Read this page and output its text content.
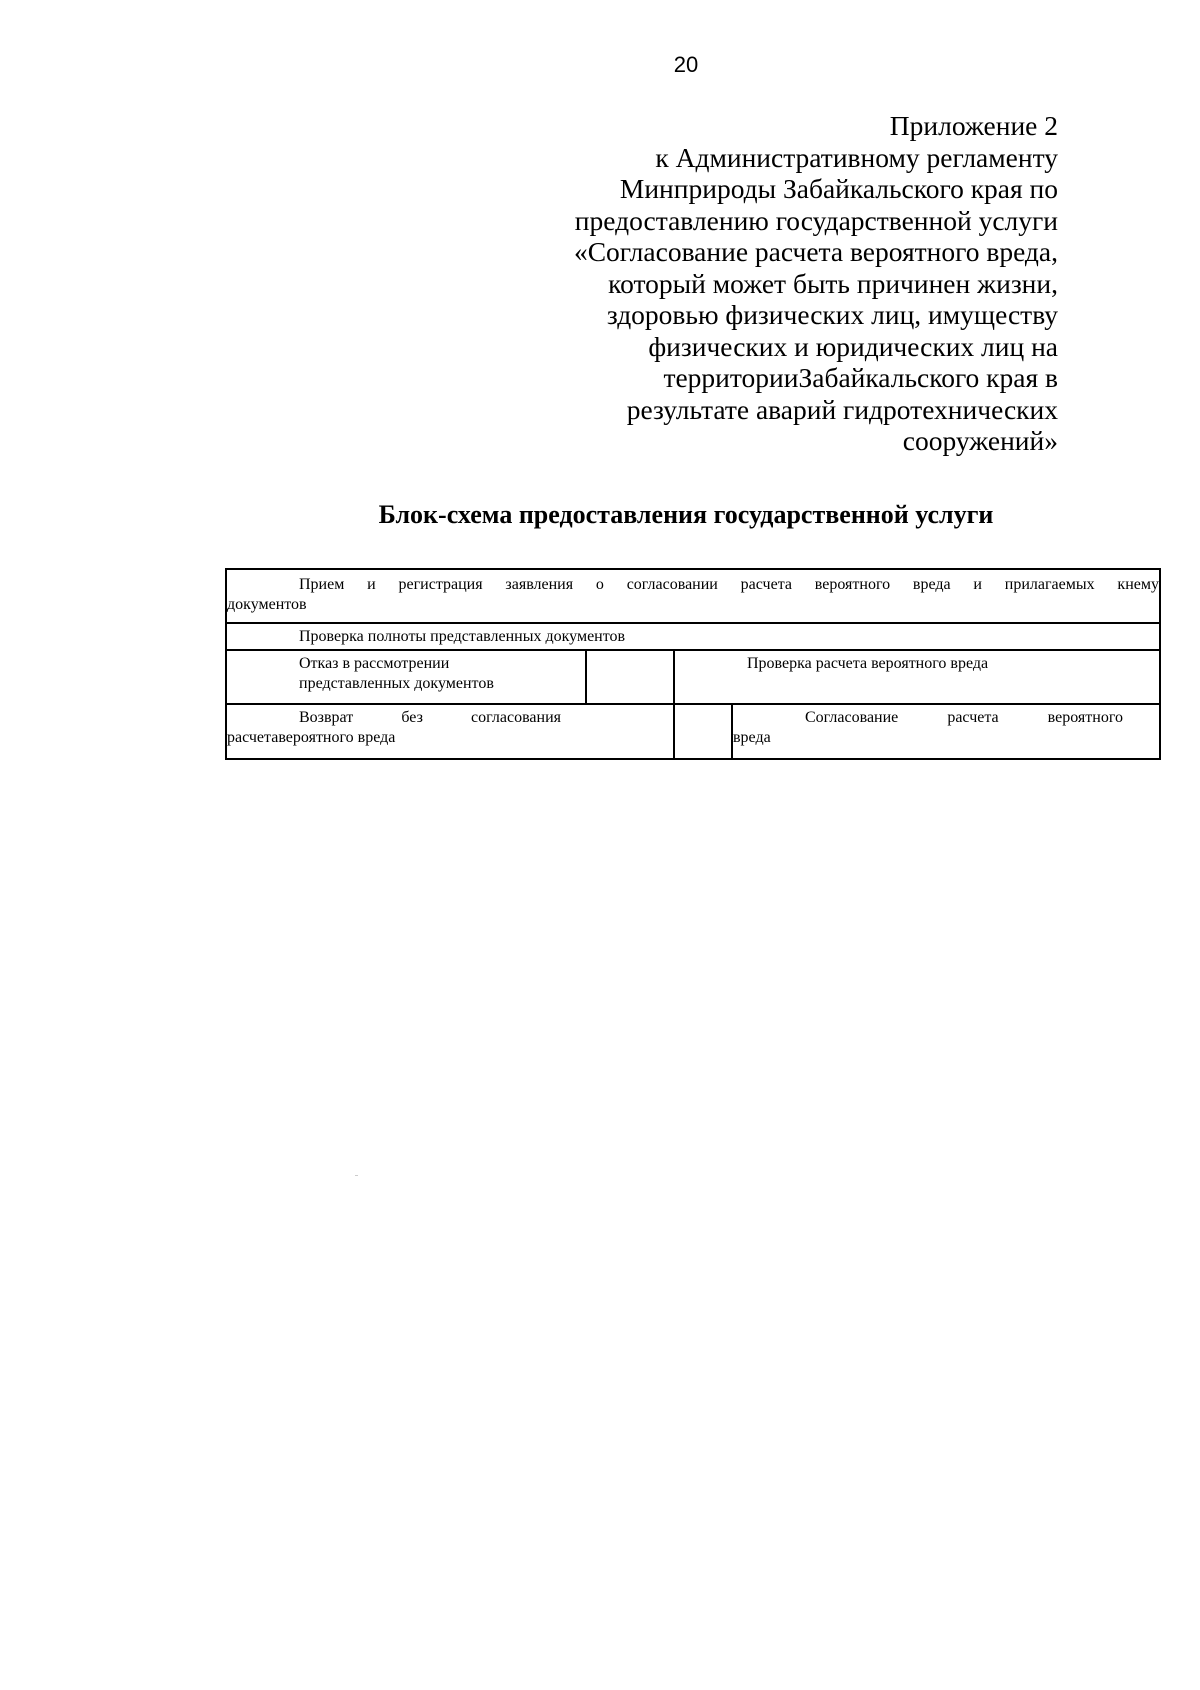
20
Приложение 2
к Административному регламенту
Минприроды Забайкальского края по
предоставлению государственной услуги
«Согласование расчета вероятного вреда,
который может быть причинен жизни,
здоровью физических лиц, имуществу
физических и юридических лиц на
территорииЗабайкальского края в
результате аварий гидротехнических
сооружений»
Блок-схема предоставления государственной услуги
Прием и регистрация заявления о согласовании расчета вероятного вреда и прилагаемых кнему
документов
Проверка полноты представленных документов
Отказ в рассмотрении
представленных документов
Проверка расчета вероятного вреда
Возврат без согласования
расчетавероятного вреда
Согласование расчета вероятного
вреда
